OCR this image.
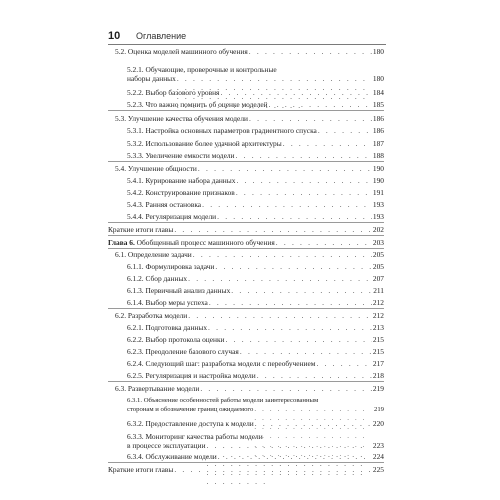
10 Оглавление
5.2. Оценка моделей машинного обучения . . .	180
5.2.1. Обучающие, проверочные и контрольные
наборы данных . . .	180
5.2.2. Выбор базового уровня . . .	184
5.2.3. Что важно помнить об оценке моделей . . .	185
5.3. Улучшение качества обучения модели . . .	186
5.3.1. Настройка основных параметров градиентного спуска . . .	186
5.3.2. Использование более удачной архитектуры . . .	187
5.3.3. Увеличение емкости модели . . .	188
5.4. Улучшение общности . . .	190
5.4.1. Курирование набора данных . . .	190
5.4.2. Конструирование признаков . . .	191
5.4.3. Ранняя остановка . . .	193
5.4.4. Регуляризация модели . . .	193
Краткие итоги главы . . .	202
Глава 6. Обобщенный процесс машинного обучения . . .	203
6.1. Определение задачи . . .	205
6.1.1. Формулировка задачи . . .	205
6.1.2. Сбор данных . . .	207
6.1.3. Первичный анализ данных . . .	211
6.1.4. Выбор меры успеха . . .	212
6.2. Разработка модели . . .	212
6.2.1. Подготовка данных . . .	213
6.2.2. Выбор протокола оценки . . .	215
6.2.3. Преодоление базового случая . . .	215
6.2.4. Следующий шаг: разработка модели с переобучением . . .	217
6.2.5. Регуляризация и настройка модели . . .	218
6.3. Развертывание модели . . .	219
6.3.1. Объяснение особенностей работы модели заинтересованным
сторонам и обозначение границ ожидаемого . . .	219
6.3.2. Предоставление доступа к модели . . .	220
6.3.3. Мониторинг качества работы модели
в процессе эксплуатации . . .	223
6.3.4. Обслуживание модели . . .	224
Краткие итоги главы . . .	225
